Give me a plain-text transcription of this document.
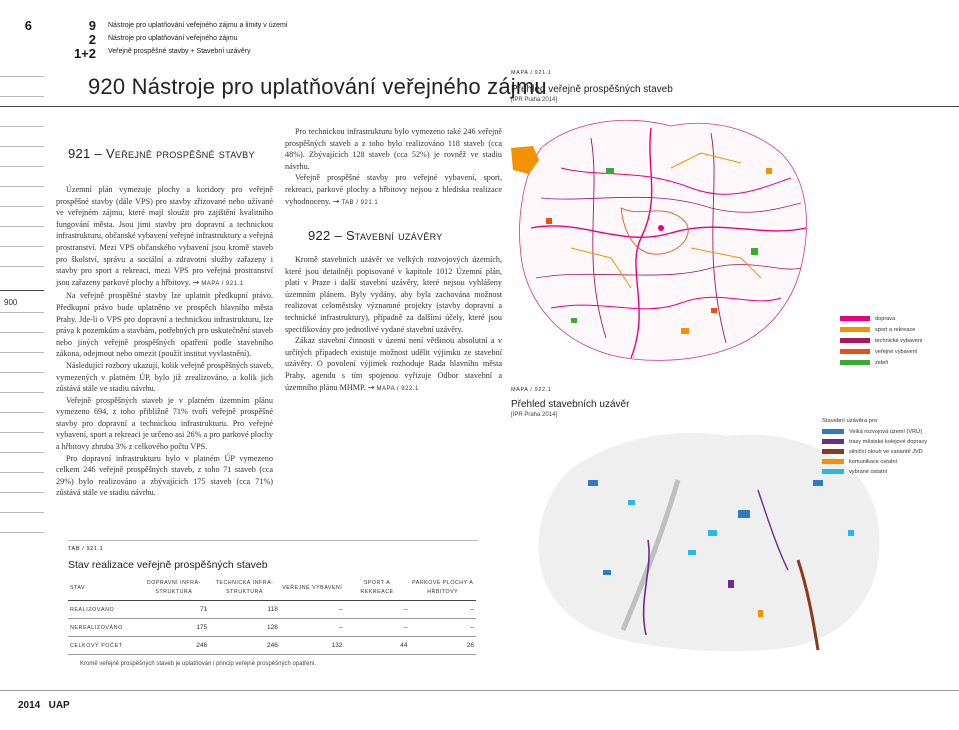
6	9
2
1+2
Nástroje pro uplatňování veřejného zájmu a limity v území
Nástroje pro uplatňování veřejného zájmu
Veřejně prospěšné stavby + Stavební uzávěry
920 Nástroje pro uplatňování veřejného zájmu
900
921 – Veřejně prospěšné stavby

Územní plán vymezuje plochy a koridory pro veřejně prospěšné stavby (dále VPS) pro stavby zřizované nebo užívané ve veřejném zájmu, které mají sloužit pro zajištění kvalitního fungování města. Jsou jimi stavby pro dopravní a technickou infrastrukturu, občanské vybavení veřejné infrastruktury a veřejná prostranství. Mezi VPS občanského vybavení jsou kromě staveb pro školství, správu a sociální a zdravotní služby zařazeny i stavby pro sport a rekreaci, mezi VPS pro veřejná prostranství jsou zařazeny parkové plochy a hřbitovy. → MAPA / 921.1

Na veřejně prospěšné stavby lze uplatnit předkupní právo. Předkupní právo bude uplatněno ve prospěch hlavního města Prahy. Jde-li o VPS pro dopravní a technickou infrastrukturu, lze práva k pozemkům a stavbám, potřebných pro uskutečnění staveb nebo jiných veřejně prospěšných opatření podle stavebního zákona, odejmout nebo omezit (použít institut vyvlastnění).

Následující rozbory ukazují, kolik veřejně prospěšných staveb, vymezených v platném ÚP, bylo již zrealizováno, a kolik jich zůstává stále ve stadiu návrhu.

Veřejně prospěšných staveb je v platném územním plánu vymezeno 694, z toho přibližně 71% tvoří veřejně prospěšné stavby pro dopravní a technickou infrastrukturu. Pro veřejné vybavení, sport a rekreaci je určeno asi 26% a pro parkové plochy a hřbitovy zhruba 3% z celkového počtu VPS.

Pro dopravní infrastrukturu bylo v platném ÚP vymezeno celkem 246 veřejně prospěšných staveb, z toho 71 staveb (cca 29%) bylo realizováno a zbývajících 175 staveb (cca 71%) zůstává stále ve stadiu návrhu.

Pro technickou infrastrukturu bylo vymezeno také 246 veřejně prospěšných staveb a z toho bylo realizováno 118 staveb (cca 48%). Zbývajících 128 staveb (cca 52%) je rovněž ve stadiu návrhu.

Veřejně prospěšné stavby pro veřejné vybavení, sport, rekreaci, parkové plochy a hřbitovy nejsou z hlediska realizace vyhodnoceny. → TAB / 921.1

922 – Stavební uzávěry

Kromě stavebních uzávěr ve velkých rozvojových územích, které jsou detailněji popisované v kapitole 1012 Územní plán, platí v Praze i další stavební uzávěry, které nejsou vyhlášeny územním plánem. Byly vydány, aby byla zachována možnost realizovat celoměstsky významné projekty (stavby dopravní a technické infrastruktury), případně za dalšími účely, které jsou specifikovány pro jednotlivé vydané stavební uzávěry.

Zákaz stavební činnosti v území není většinou absolutní a v určitých případech existuje možnost udělit výjimku ze stavební uzávěry. O povolení výjimek rozhoduje Rada hlavního města Prahy, agendu s tím spojenou vyřizuje Odbor stavební a územního plánu MHMP. → MAPA / 922.1

MAPA / 921.1
Přehled veřejně prospěšných staveb
[IPR Praha 2014]
doprava
sport a rekreace
technické vybavení
veřejné vybavení
zeleň
MAPA / 922.1
Přehled stavebních uzávěr
[IPR Praha 2014]
Stavební uzávěra pro:
Velká rozvojová území (VRÚ)
trasy městské kolejové dopravy
silniční okruh ve variantě JVD
komunikace ostatní
vybrané ostatní
TAB / 921.1
Stav realizace veřejně prospěšných staveb
STAV	DOPRAVNÍ INFRA-STRUKTURA	TECHNICKÁ INFRA-STRUKTURA	VEŘEJNÉ VYBAVENÍ	SPORT A REKREACE	PARKOVÉ PLOCHY A HŘBITOVY
REALIZOVÁNO	71	118	–	–	–
NEREALIZOVÁNO	175	128	–	–	–
CELKOVÝ POČET	246	246	132	44	26
Kromě veřejně prospěšných staveb je uplatňován i princip veřejně prospěšných opatření.
2014 UAP
